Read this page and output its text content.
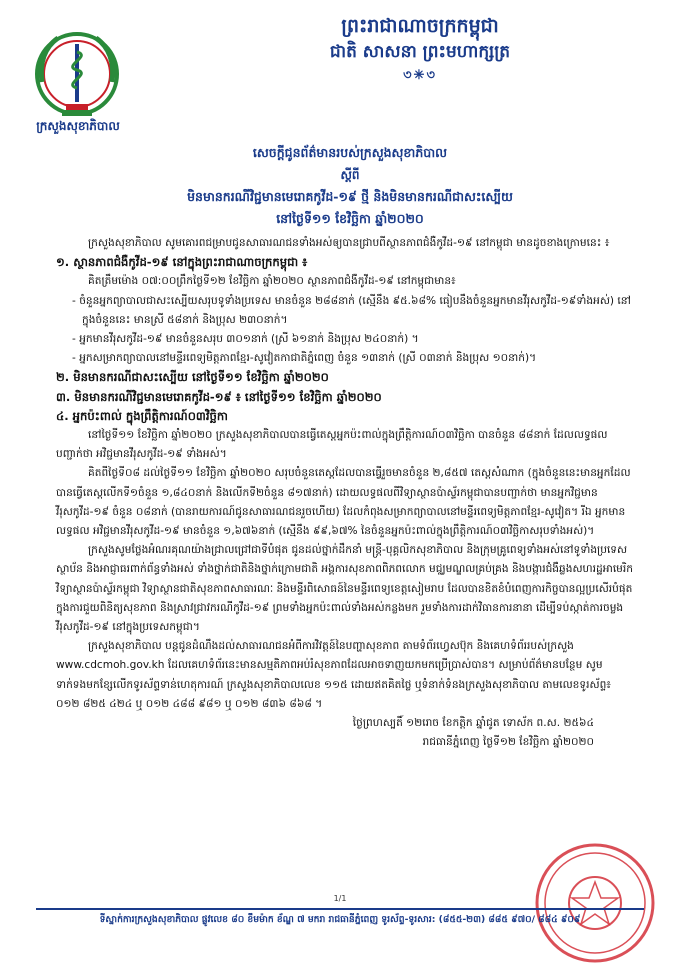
ក្រសួងសុខាភិបាល
ព្រះរាជាណាចក្រកម្ពុជា
ជាតិ សាសនា ព្រះមហាក្សត្រ
৩✳৩
សេចក្តីជូនព័ត៌មានរបស់ក្រសួងសុខាភិបាល
ស្តីពី
មិនមានករណីវិជ្ជមានមេរោគកូវីដ-១៩ ថ្មី និងមិនមានករណីជាសះស្បើយ
នៅថ្ងៃទី១១ ខែវិច្ឆិកា ឆ្នាំ២០២០

ក្រសួងសុខាភិបាល សូមគោរពជម្រាបជូនសាធារណជនទាំងអស់ឲ្យបានជ្រាបពីស្ថានភាពជំងឺកូវីដ-១៩ នៅកម្ពុជា មានដូចខាងក្រោមនេះ ៖

១. ស្ថានភាពជំងឺកូវីដ-១៩ នៅក្នុងព្រះរាជាណាចក្រកម្ពុជា ៖

គិតត្រឹមម៉ោង ០៧:០០ព្រឹកថ្ងៃទី១២ ខែវិច្ឆិកា ឆ្នាំ២០២០ ស្ថានភាពជំងឺកូវីដ-១៩ នៅកម្ពុជាមាន៖

- ចំនួនអ្នកព្យាបាលជាសះស្បើយសរុបទូទាំងប្រទេស មានចំនួន ២៨៨នាក់ (ស្មើនឹង ៩៥.៦៨% ធៀបនឹងចំនួនអ្នកមានវីរុសកូវីដ-១៩ទាំងអស់) នៅក្នុងចំនួននេះ មានស្រី ៥៨នាក់ និងប្រុស ២៣០នាក់។

- អ្នកមានវីរុសកូវីដ-១៩ មានចំនួនសរុប ៣០១នាក់ (ស្រី ៦១នាក់ និងប្រុស ២៤០នាក់) ។

- អ្នកសម្រាកព្យាបាលនៅមន្ទីរពេទ្យមិត្តភាពខ្មែរ-សូវៀតកាជាតិភ្នំពេញ ចំនួន ១៣នាក់ (ស្រី ០៣នាក់ និងប្រុស ១០នាក់)។

២. មិនមានករណីជាសះស្បើយ នៅថ្ងៃទី១១ ខែវិច្ឆិកា ឆ្នាំ២០២០

៣. មិនមានករណីវិជ្ជមានមេរោគកូវីដ-១៩ ៖ នៅថ្ងៃទី១១ ខែវិច្ឆិកា ឆ្នាំ២០២០

៤. អ្នកប៉ះពាល់ ក្នុងព្រឹត្តិការណ៍០៣វិច្ឆិកា

នៅថ្ងៃទី១១ ខែវិច្ឆិកា ឆ្នាំ២០២០ ក្រសួងសុខាភិបាលបានធ្វើតេស្តអ្នកប៉ះពាល់ក្នុងព្រឹត្តិការណ៍០៣វិច្ឆិកា បានចំនួន ៨៨នាក់ ដែលលទ្ធផលបញ្ជាក់ថា អវិជ្ជមានវីរុសកូវីដ-១៩ ទាំងអស់។

គិតពីថ្ងៃទី០៨ ដល់ថ្ងៃទី១១ ខែវិច្ឆិកា ឆ្នាំ២០២០ សរុបចំនួនតេស្តដែលបានធ្វើរួចមានចំនួន ២,៨៥៧ តេស្តសំណាក (ក្នុងចំនួននេះមានអ្នកដែលបានធ្វើតេស្តលើកទី១ចំនួន ១,៨៤០នាក់ និងលើកទី២ចំនួន ៨១៧នាក់) ដោយលទ្ធផលពីវិទ្យាស្ថានប៉ាស្ទ័រកម្ពុជាបានបញ្ជាក់ថា មានអ្នកវិជ្ជមានវីរុសកូវីដ-១៩ ចំនួន ០៨នាក់ (បានរាយការណ៍ជូនសាធារណជនរួចហើយ) ដែលកំពុងសម្រាកព្យាបាលនៅមន្ទីរពេទ្យមិត្តភាពខ្មែរ-សូវៀត។ រីឯ អ្នកមានលទ្ធផល អវិជ្ជមានវីរុសកូវីដ-១៩ មានចំនួន ១,៦៧៦នាក់ (ស្មើនឹង ៩៩,៦៧% នៃចំនួនអ្នកប៉ះពាល់ក្នុងព្រឹត្តិការណ៍០៣វិច្ឆិកាសរុបទាំងអស់)។

ក្រសួងសូមថ្លែងអំណរគុណយ៉ាងជ្រាលជ្រៅជាទីបំផុត ជូនដល់ថ្នាក់ដឹកនាំ មន្ត្រី-បុគ្គលិកសុខាភិបាល និងក្រុមគ្រូពេទ្យទាំងអស់នៅទូទាំងប្រទេស ស្ថាប័ន និងអាជ្ញាធរពាក់ព័ន្ធទាំងអស់ ទាំងថ្នាក់ជាតិនិងថ្នាក់ក្រោមជាតិ អង្គការសុខភាពពិភពលោក មជ្ឈមណ្ឌលគ្រប់គ្រង និងបង្ការជំងឺឆ្លងសហរដ្ឋអាមេរិក វិទ្យាស្ថានប៉ាស្ទ័រកម្ពុជា វិទ្យាស្ថានជាតិសុខភាពសាធារណៈ និងមន្ទីរពិសោធន៍នៃមន្ទីរពេទ្យខេត្តសៀមរាប ដែលបានខិតខំបំពេញការកិច្ចបានល្អប្រសើរបំផុត ក្នុងការជួយពិនិត្យសុខភាព និងស្រាវជ្រាវករណីកូវីដ-១៩ ព្រមទាំងអ្នកប៉ះពាល់ទាំងអស់កន្លងមក រួមទាំងការដាក់វិធានការនានា ដើម្បីទប់ស្កាត់ការចម្លងវីរុសកូវីដ-១៩ នៅក្នុងប្រទេសកម្ពុជា។

ក្រសួងសុខាភិបាល បន្តជូនដំណឹងដល់សាធារណជនអំពីការវិវត្តន៍នៃបញ្ហាសុខភាព តាមទំព័រហ្វេសប៊ុក និងគេហទំព័ររបស់ក្រសួង www.cdcmoh.gov.kh ដែលគេហទំព័រនេះមានសម្មតិភាពអប់រំសុខភាពដែលអាចទាញយកមកប្រើប្រាស់បាន។ សម្រាប់ព័ត៌មានបន្ថែម សូមទាក់ទងមកខ្សែលើកទូរស័ព្ទទាន់ហេតុការណ៍ ក្រសួងសុខាភិបាលលេខ ១១៥ ដោយឥតគិតថ្លៃ ឬទំនាក់ទំនងក្រសួងសុខាភិបាល តាមលេខទូរស័ព្ទ៖ ០១២ ៨២៥ ៤២៤ ឬ ០១២ ៤៨៨ ៩៨១ ឬ ០១២ ៨៣៦ ៨៦៨ ។

ថ្ងៃព្រហស្បតិ៍ ១២រោច ខែកត្តិក ឆ្នាំជូត ទោស័ក ព.ស. ២៥៦៤

រាជធានីភ្នំពេញ ថ្ងៃទី១២ ខែវិច្ឆិកា ឆ្នាំ២០២០

1/1
ទីស្នាក់ការក្រសួងសុខាភិបាល ផ្លូវលេខ ៨០ ខឹមម៉ាក ខ័ណ្ឌ ៧ មករា រាជធានីភ្នំពេញ ទូរស័ព្ទ-ទូរសារ: (៨៥៥-២៣) ៨៨៥ ៩៧០/ ៨៨៤ ៩០៩
